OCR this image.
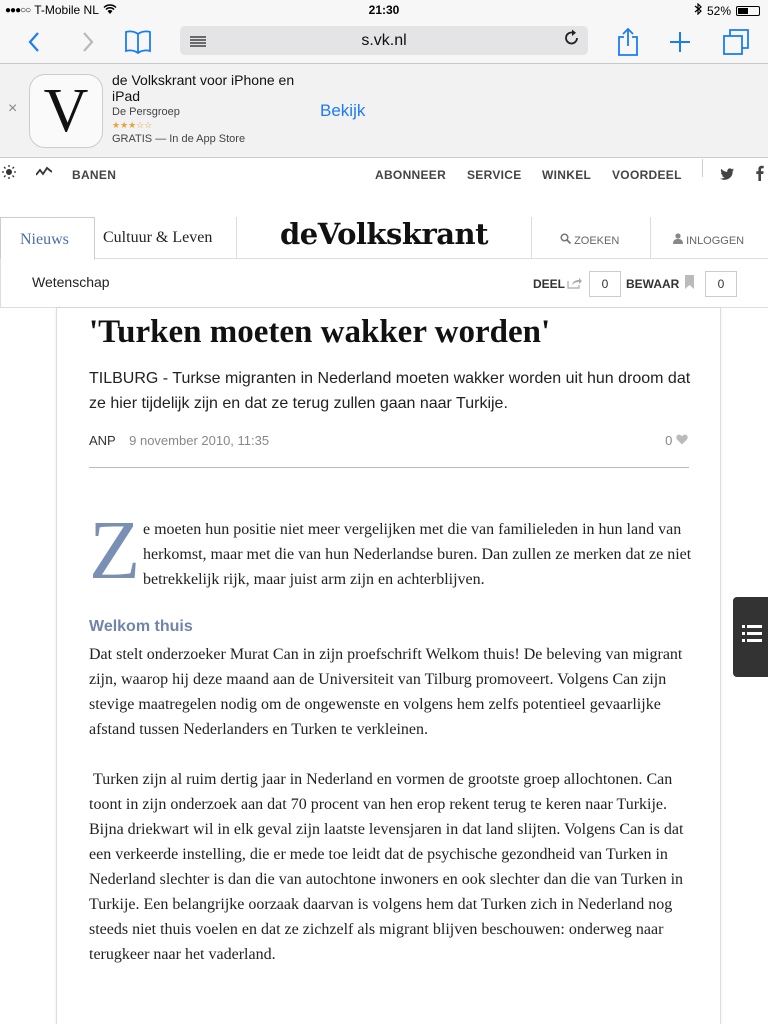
●●●○○ T-Mobile NL	21:30	52%
s.vk.nl
× V	de Volkskrant voor iPhone en iPad
De Persgroep
★★★☆☆
GRATIS — In de App Store
Bekijk
BANEN	ABONNEER SERVICE WINKEL VOORDEEL
Nieuws	Cultuur & Leven	deVolkskrant	ZOEKEN	INLOGGEN
Wetenschap	DEEL	0	BEWAAR	0
'Turken moeten wakker worden'

TILBURG - Turkse migranten in Nederland moeten wakker worden uit hun droom dat ze hier tijdelijk zijn en dat ze terug zullen gaan naar Turkije.

ANP 9 november 2010, 11:35	0
Z e moeten hun positie niet meer vergelijken met die van familieleden in hun land van herkomst, maar met die van hun Nederlandse buren. Dan zullen ze merken dat ze niet betrekkelijk rijk, maar juist arm zijn en achterblijven.

Welkom thuis

Dat stelt onderzoeker Murat Can in zijn proefschrift Welkom thuis! De beleving van migrant zijn, waarop hij deze maand aan de Universiteit van Tilburg promoveert. Volgens Can zijn stevige maatregelen nodig om de ongewenste en volgens hem zelfs potentieel gevaarlijke afstand tussen Nederlanders en Turken te verkleinen.

Turken zijn al ruim dertig jaar in Nederland en vormen de grootste groep allochtonen. Can toont in zijn onderzoek aan dat 70 procent van hen erop rekent terug te keren naar Turkije. Bijna driekwart wil in elk geval zijn laatste levensjaren in dat land slijten. Volgens Can is dat een verkeerde instelling, die er mede toe leidt dat de psychische gezondheid van Turken in Nederland slechter is dan die van autochtone inwoners en ook slechter dan die van Turken in Turkije. Een belangrijke oorzaak daarvan is volgens hem dat Turken zich in Nederland nog steeds niet thuis voelen en dat ze zichzelf als migrant blijven beschouwen: onderweg naar terugkeer naar het vaderland.
